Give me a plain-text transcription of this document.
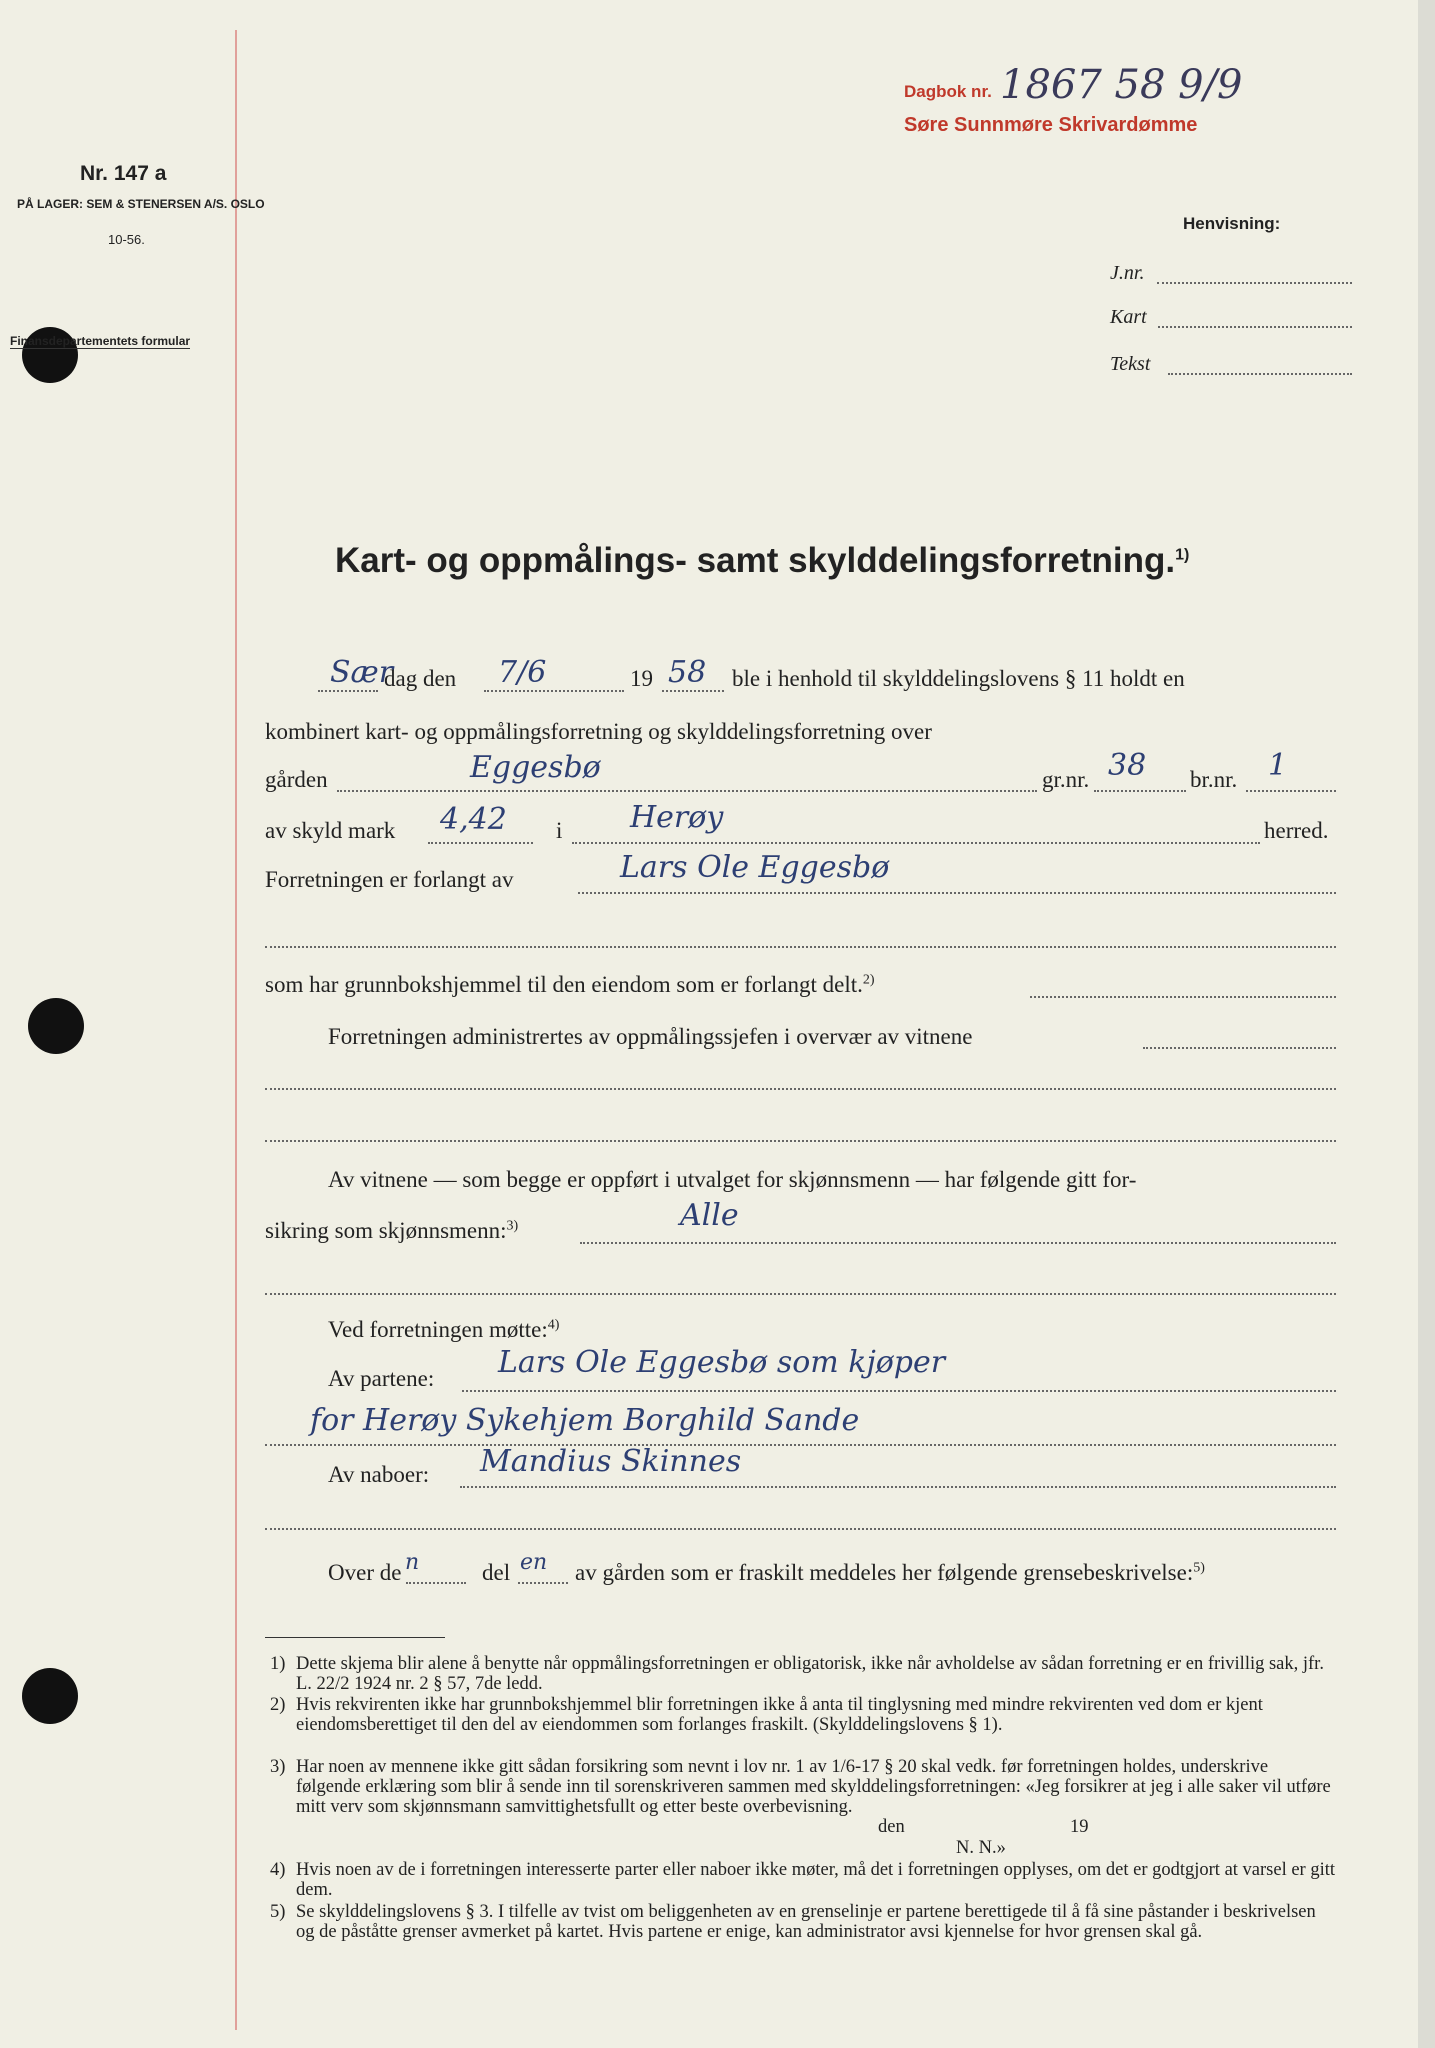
Dagbok nr. 1867 58 9/9
Søre Sunnmøre Skrivardømme
Nr. 147 a
PÅ LAGER: SEM & STENERSEN A/S. OSLO
10-56.
Finansdepartementets formular
Henvisning:
J.nr.
Kart
Tekst
Kart- og oppmålings- samt skylddelingsforretning.$^{1)}$
Sær
dag den 7/6	19 58 ble i henhold til skylddelingslovens § 11 holdt en
kombinert kart- og oppmålingsforretning og skylddelingsforretning over
gården	Eggesbø	gr.nr. 38 br.nr. 1
av skyld mark 4,42 i Herøy	herred.
Forretningen er forlangt av	Lars Ole Eggesbø
som har grunnbokshjemmel til den eiendom som er forlangt delt.$^{2)}$
Forretningen administrertes av oppmålingssjefen i overvær av vitnene
Av vitnene — som begge er oppført i utvalget for skjønnsmenn — har følgende gitt for-
sikring som skjønnsmenn:$^{3)}$	Alle
Ved forretningen møtte:$^{4)}$
Av partene: Lars Ole Eggesbø som kjøper
for Herøy Sykehjem Borghild Sande
Av naboer: Mandius Skinnes
Over de n	del en av gården som er fraskilt meddeles her følgende grensebeskrivelse:$^{5)}$
1) Dette skjema blir alene å benytte når oppmålingsforretningen er obligatorisk, ikke når avholdelse av sådan forretning er en frivillig sak, jfr. L. 22/2 1924 nr. 2 § 57, 7de ledd.
2) Hvis rekvirenten ikke har grunnbokshjemmel blir forretningen ikke å anta til tinglysning med mindre rekvirenten ved dom er kjent eiendomsberettiget til den del av eiendommen som forlanges fraskilt. (Skylddelingslovens § 1).
3) Har noen av mennene ikke gitt sådan forsikring som nevnt i lov nr. 1 av 1/6-17 § 20 skal vedk. før forretningen holdes, underskrive følgende erklæring som blir å sende inn til sorenskriveren sammen med skylddelingsforretningen: «Jeg forsikrer at jeg i alle saker vil utføre mitt verv som skjønnsmann samvittighetsfullt og etter beste overbevisning.
den	19
N. N.»
4) Hvis noen av de i forretningen interesserte parter eller naboer ikke møter, må det i forretningen opplyses, om det er godtgjort at varsel er gitt dem.
5) Se skylddelingslovens § 3. I tilfelle av tvist om beliggenheten av en grenselinje er partene berettigede til å få sine påstander i beskrivelsen og de påståtte grenser avmerket på kartet. Hvis partene er enige, kan administrator avsi kjennelse for hvor grensen skal gå.
